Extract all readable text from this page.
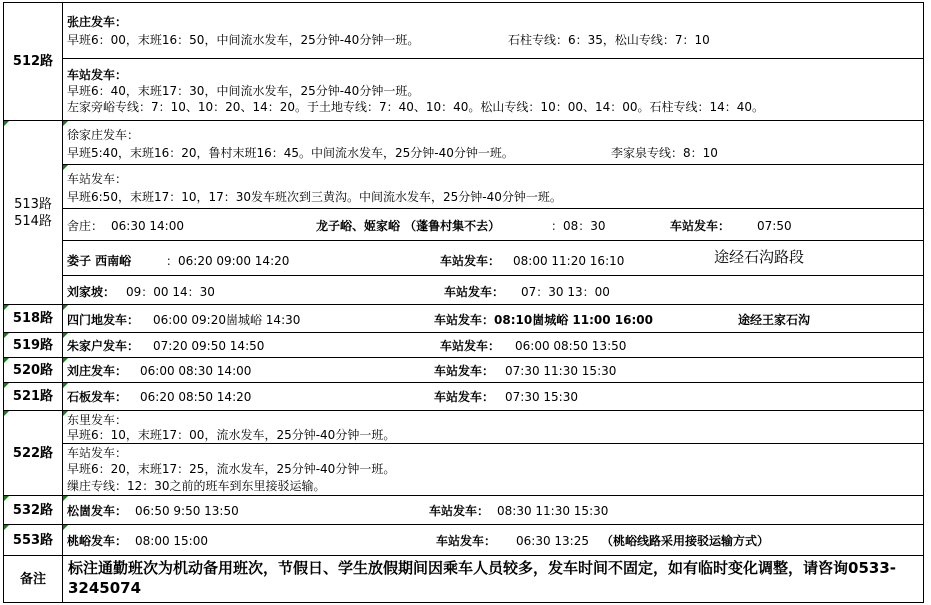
512路
张庄发车：
早班6：00，末班16：50，中间流水发车，25分钟-40分钟一班。	石柱专线：6：35，松山专线：7：10
车站发车：
早班6：40，末班17：30，中间流水发车，25分钟-40分钟一班。
左家旁峪专线：7：10、10：20、14：20。于土地专线：7：40、10：40。松山专线：10：00、14：00。石柱专线：14：40。
513路514路
徐家庄发车：
早班5:40，末班16：20，鲁村末班16：45。中间流水发车，25分钟-40分钟一班。	李家泉专线：8：10
车站发车：
早班6:50，末班17：10，17：30发车班次到三黄沟。中间流水发车，25分钟-40分钟一班。
舍庄： 06:30 14:00	龙子峪、姬家峪 （蓬鲁村集不去）	：08：30	车站发车： 07:50
娄子 西南峪	：06:20 09:00 14:20	车站发车： 08:00 11:20 16:10	途经石沟路段
刘家坡： 09：00 14：30	车站发车： 07：30 13：00
518路 四门地发车： 06:00 09:20崮城峪 14:30	车站发车：08:10崮城峪 11:00 16:00	途经王家石沟
519路 朱家户发车： 07:20 09:50 14:50	车站发车： 06:00 08:50 13:50
520路 刘庄发车： 06:00 08:30 14:00	车站发车： 07:30 11:30 15:30
521路 石板发车： 06:20 08:50 14:20	车站发车： 07:30 15:30
522路
东里发车：
早班6：10，末班17：00，流水发车，25分钟-40分钟一班。
车站发车：
早班6：20，末班17：25，流水发车，25分钟-40分钟一班。
缫庄专线：12：30之前的班车到东里接驳运输。
532路 松崮发车： 06:50 9:50 13:50	车站发车： 08:30 11:30 15:30
553路 桃峪发车： 08:00 15:00	车站发车： 06:30 13:25 （桃峪线路采用接驳运输方式）
备注
标注通勤班次为机动备用班次，节假日、学生放假期间因乘车人员较多，发车时间不固定，如有临时变化调整，请咨询0533-3245074
